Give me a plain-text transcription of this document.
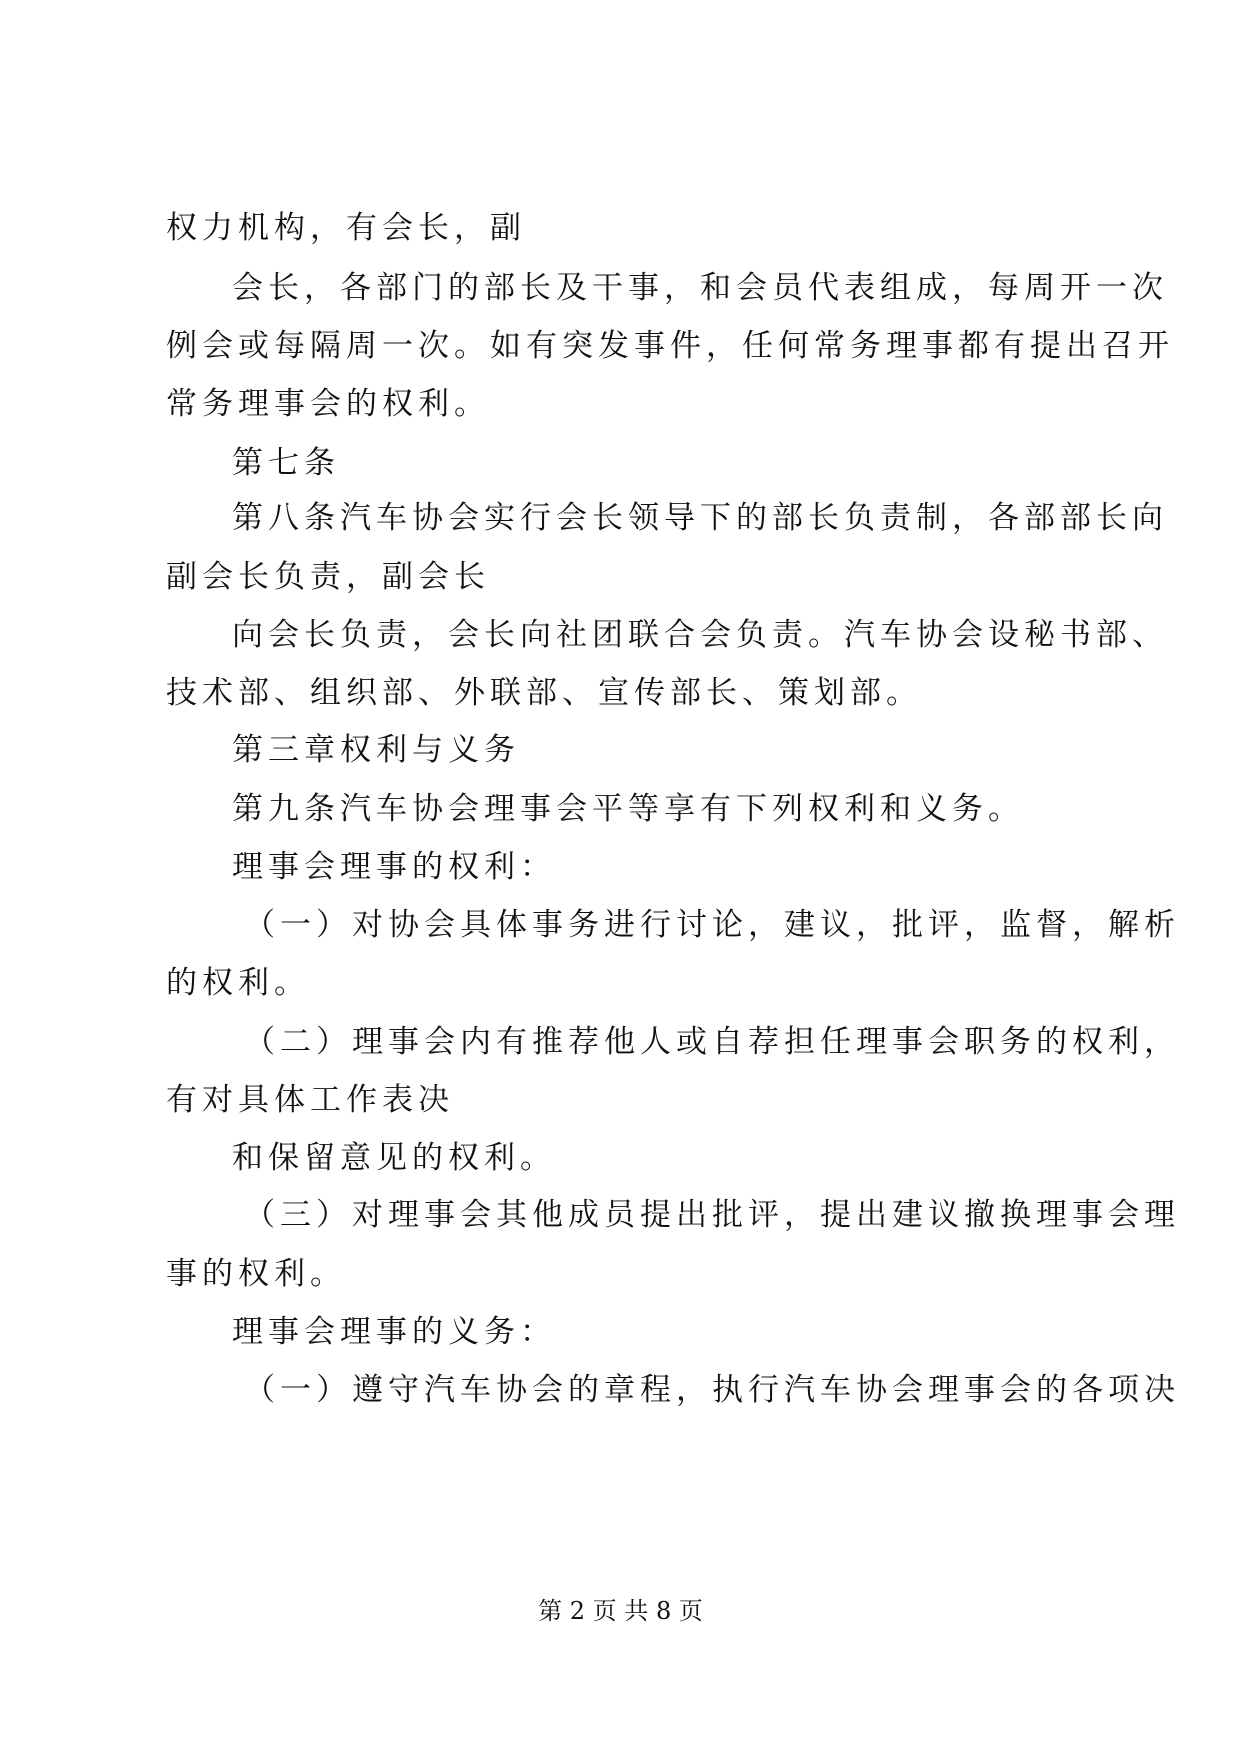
权力机构，有会长，副
会长，各部门的部长及干事，和会员代表组成，每周开一次
例会或每隔周一次。如有突发事件，任何常务理事都有提出召开
常务理事会的权利。
第七条
第八条汽车协会实行会长领导下的部长负责制，各部部长向
副会长负责，副会长
向会长负责，会长向社团联合会负责。汽车协会设秘书部、
技术部、组织部、外联部、宣传部长、策划部。
第三章权利与义务
第九条汽车协会理事会平等享有下列权利和义务。
理事会理事的权利：
（一）对协会具体事务进行讨论，建议，批评，监督，解析
的权利。
（二）理事会内有推荐他人或自荐担任理事会职务的权利，
有对具体工作表决
和保留意见的权利。
（三）对理事会其他成员提出批评，提出建议撤换理事会理
事的权利。
理事会理事的义务：
（一）遵守汽车协会的章程，执行汽车协会理事会的各项决
第 2 页 共 8 页
